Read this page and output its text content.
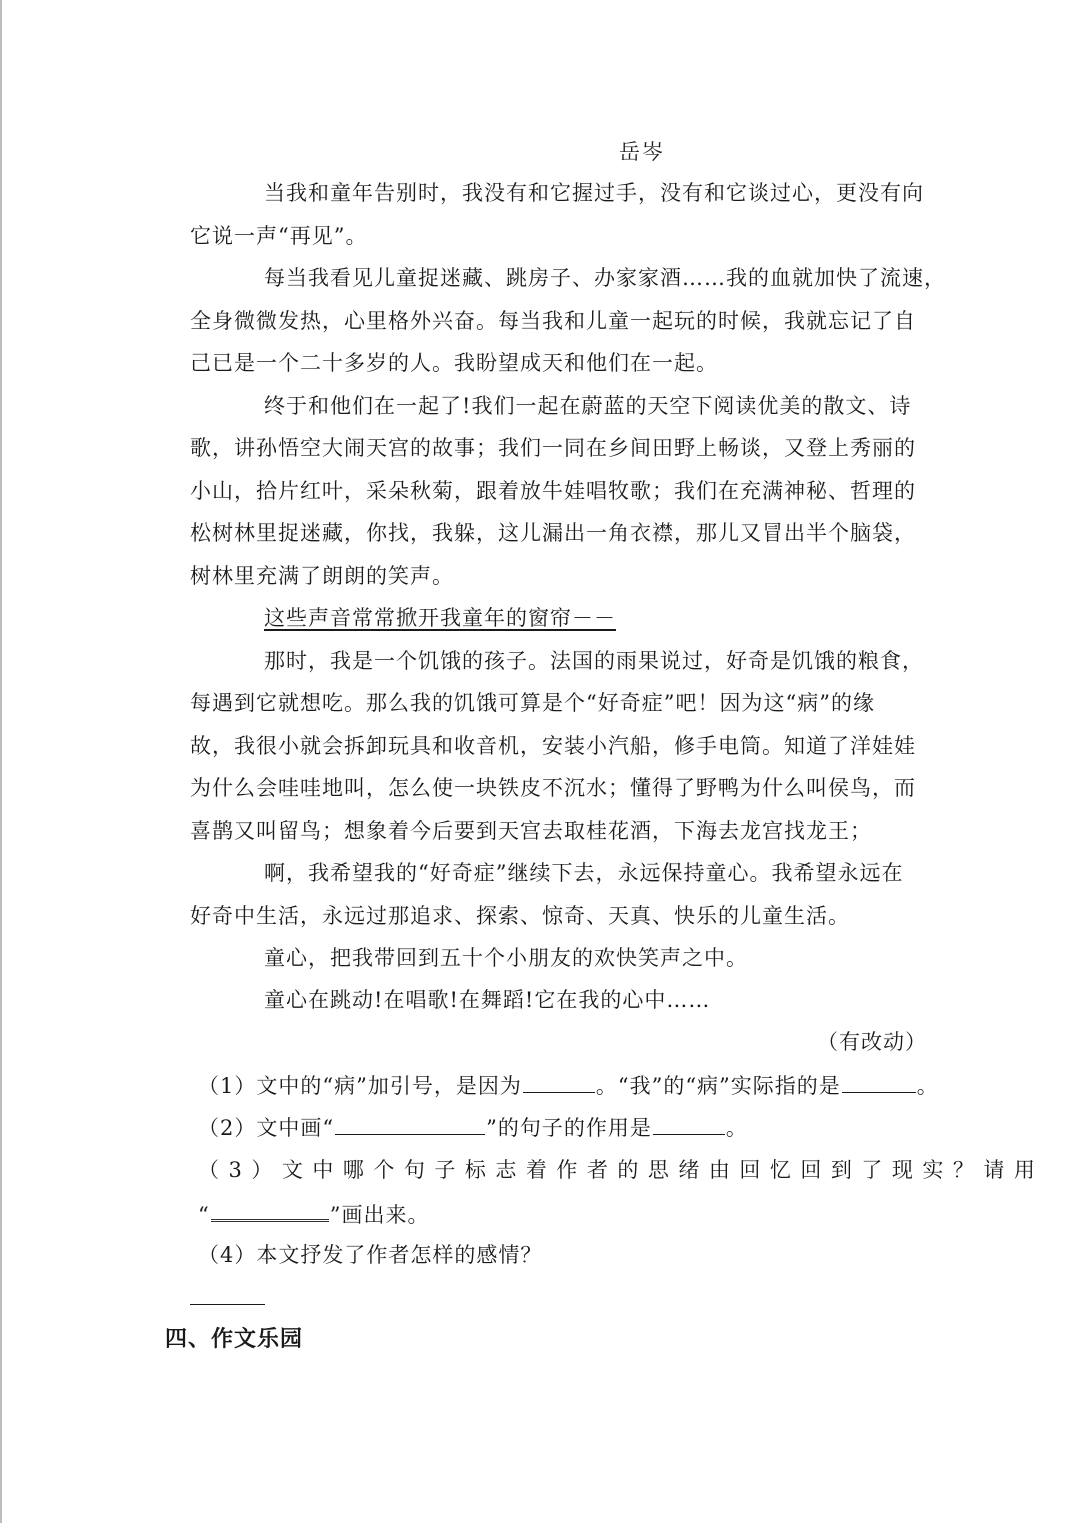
岳岑
当我和童年告别时，我没有和它握过手，没有和它谈过心，更没有向
它说一声“再见”。
每当我看见儿童捉迷藏、跳房子、办家家酒……我的血就加快了流速，
全身微微发热，心里格外兴奋。每当我和儿童一起玩的时候，我就忘记了自
己已是一个二十多岁的人。我盼望成天和他们在一起。
终于和他们在一起了!我们一起在蔚蓝的天空下阅读优美的散文、诗
歌，讲孙悟空大闹天宫的故事；我们一同在乡间田野上畅谈，又登上秀丽的
小山，拾片红叶，采朵秋菊，跟着放牛娃唱牧歌；我们在充满神秘、哲理的
松树林里捉迷藏，你找，我躲，这儿漏出一角衣襟，那儿又冒出半个脑袋，
树林里充满了朗朗的笑声。
这些声音常常掀开我童年的窗帘－－
那时，我是一个饥饿的孩子。法国的雨果说过，好奇是饥饿的粮食，
每遇到它就想吃。那么我的饥饿可算是个“好奇症”吧！因为这“病”的缘
故，我很小就会拆卸玩具和收音机，安装小汽船，修手电筒。知道了洋娃娃
为什么会哇哇地叫，怎么使一块铁皮不沉水；懂得了野鸭为什么叫侯鸟，而
喜鹊又叫留鸟；想象着今后要到天宫去取桂花酒，下海去龙宫找龙王；
啊，我希望我的“好奇症”继续下去，永远保持童心。我希望永远在
好奇中生活，永远过那追求、探索、惊奇、天真、快乐的儿童生活。
童心，把我带回到五十个小朋友的欢快笑声之中。
童心在跳动!在唱歌!在舞蹈!它在我的心中……
（有改动）
（1）文中的“病”加引号，是因为	。“我”的“病”实际指的是	。
（2）文中画“	”的句子的作用是	。
（3）文中哪个句子标志着作者的思绪由回忆回到了现实？请用
“	”画出来。
（4）本文抒发了作者怎样的感情？
四、作文乐园
